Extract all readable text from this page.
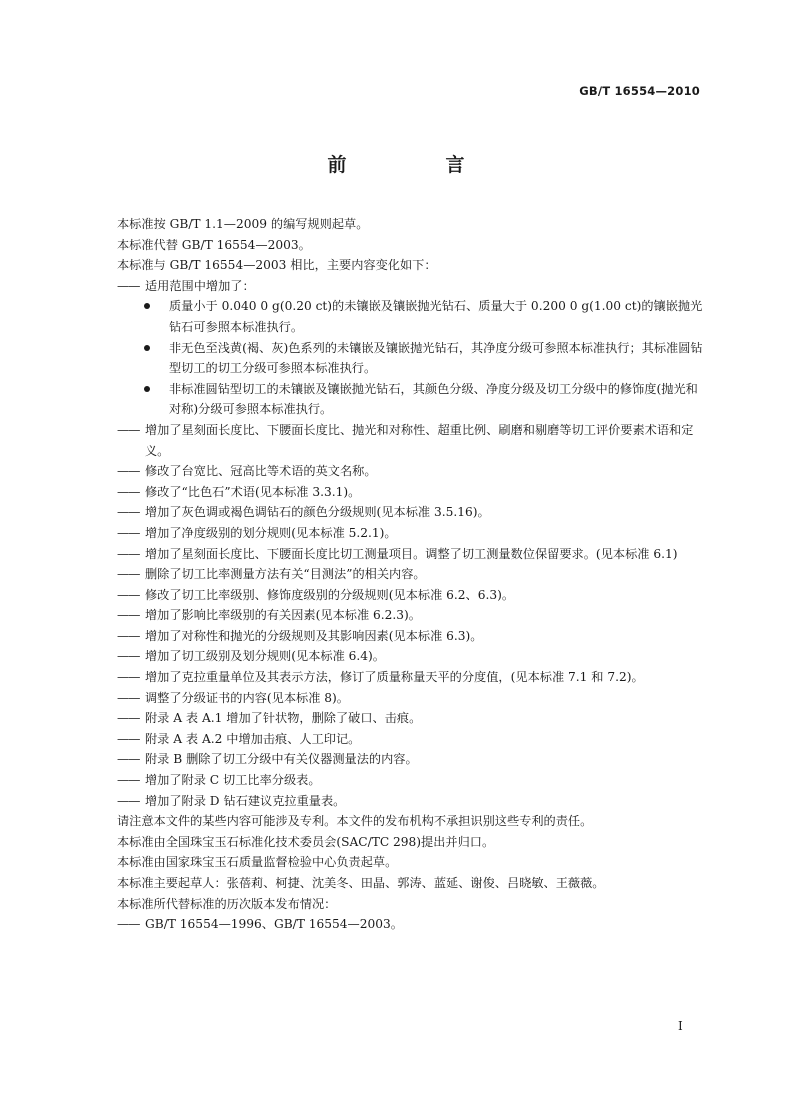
GB/T 16554—2010
前　言

本标准按 GB/T 1.1—2009 的编写规则起草。

本标准代替 GB/T 16554—2003。

本标准与 GB/T 16554—2003 相比，主要内容变化如下：

—— 适用范围中增加了：

质量小于 0.040 0 g(0.20 ct)的未镶嵌及镶嵌抛光钻石、质量大于 0.200 0 g(1.00 ct)的镶嵌抛光钻石可参照本标准执行。
非无色至浅黄(褐、灰)色系列的未镶嵌及镶嵌抛光钻石，其净度分级可参照本标准执行；其标准圆钻型切工的切工分级可参照本标准执行。
非标准圆钻型切工的未镶嵌及镶嵌抛光钻石，其颜色分级、净度分级及切工分级中的修饰度(抛光和对称)分级可参照本标准执行。

—— 增加了星刻面长度比、下腰面长度比、抛光和对称性、超重比例、刷磨和剔磨等切工评价要素术语和定义。

—— 修改了台宽比、冠高比等术语的英文名称。

—— 修改了“比色石”术语(见本标准 3.3.1)。

—— 增加了灰色调或褐色调钻石的颜色分级规则(见本标准 3.5.16)。

—— 增加了净度级别的划分规则(见本标准 5.2.1)。

—— 增加了星刻面长度比、下腰面长度比切工测量项目。调整了切工测量数位保留要求。(见本标准 6.1)

—— 删除了切工比率测量方法有关“目测法”的相关内容。

—— 修改了切工比率级别、修饰度级别的分级规则(见本标准 6.2、6.3)。

—— 增加了影响比率级别的有关因素(见本标准 6.2.3)。

—— 增加了对称性和抛光的分级规则及其影响因素(见本标准 6.3)。

—— 增加了切工级别及划分规则(见本标准 6.4)。

—— 增加了克拉重量单位及其表示方法，修订了质量称量天平的分度值，(见本标准 7.1 和 7.2)。

—— 调整了分级证书的内容(见本标准 8)。

—— 附录 A 表 A.1 增加了针状物，删除了破口、击痕。

—— 附录 A 表 A.2 中增加击痕、人工印记。

—— 附录 B 删除了切工分级中有关仪器测量法的内容。

—— 增加了附录 C 切工比率分级表。

—— 增加了附录 D 钻石建议克拉重量表。

请注意本文件的某些内容可能涉及专利。本文件的发布机构不承担识别这些专利的责任。

本标准由全国珠宝玉石标准化技术委员会(SAC/TC 298)提出并归口。

本标准由国家珠宝玉石质量监督检验中心负责起草。

本标准主要起草人：张蓓莉、柯捷、沈美冬、田晶、郭涛、蓝延、谢俊、吕晓敏、王薇薇。

本标准所代替标准的历次版本发布情况：

—— GB/T 16554—1996、GB/T 16554—2003。

Ⅰ
